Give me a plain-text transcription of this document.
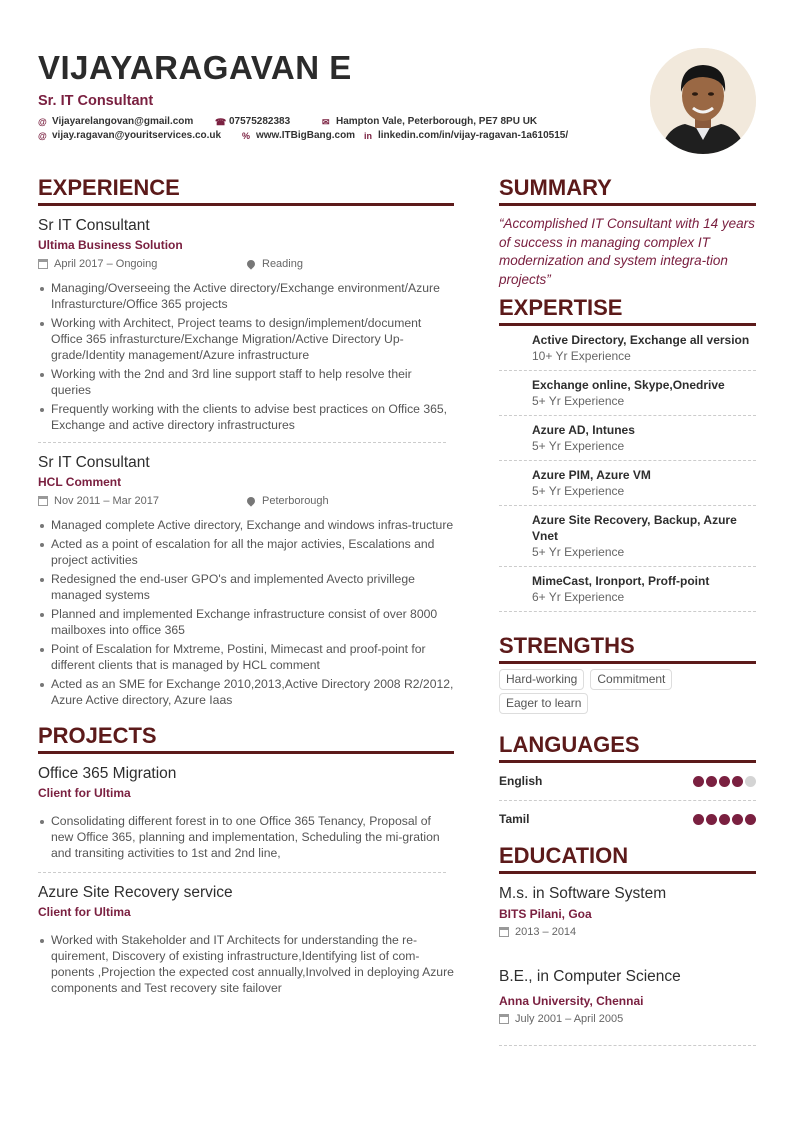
VIJAYARAGAVAN E
Sr. IT Consultant
@ Vijayarelangovan@gmail.com ☎ 07575282383	✉ Hampton Vale, Peterborough, PE7 8PU UK
@ vijay.ragavan@youritservices.co.uk % www.ITBigBang.com in linkedin.com/in/vijay-ragavan-1a610515/
EXPERIENCE
Sr IT Consultant
Ultima Business Solution
April 2017 – Ongoing	Reading
Managing/Overseeing the Active directory/Exchange environment/Azure Infrasturcture/Office 365 projects
Working with Architect, Project teams to design/implement/document Office 365 infrasturcture/Exchange Migration/Active Directory Up-grade/Identity management/Azure infrastructure
Working with the 2nd and 3rd line support staff to help resolve their queries
Frequently working with the clients to advise best practices on Office 365, Exchange and active directory infrastructures
Sr IT Consultant
HCL Comment
Nov 2011 – Mar 2017	Peterborough
Managed complete Active directory, Exchange and windows infras-tructure
Acted as a point of escalation for all the major activies, Escalations and project activities
Redesigned the end-user GPO's and implemented Avecto privillege managed systems
Planned and implemented Exchange infrastructure consist of over 8000 mailboxes into office 365
Point of Escalation for Mxtreme, Postini, Mimecast and proof-point for different clients that is managed by HCL comment
Acted as an SME for Exchange 2010,2013,Active Directory 2008 R2/2012, Azure Active directory, Azure Iaas
PROJECTS
Office 365 Migration
Client for Ultima
Consolidating different forest in to one Office 365 Tenancy, Proposal of new Office 365, planning and implementation, Scheduling the mi-gration and transiting activities to 1st and 2nd line,
Azure Site Recovery service
Client for Ultima
Worked with Stakeholder and IT Architects for understanding the re-quirement, Discovery of existing infrastructure,Identifying list of com-ponents ,Projection the expected cost annually,Involved in deploying Azure components and Test recovery site failover
SUMMARY
“Accomplished IT Consultant with 14 years of success in managing complex IT modernization and system integra-tion projects”
EXPERTISE
Active Directory, Exchange all version
10+ Yr Experience
Exchange online, Skype,Onedrive
5+ Yr Experience
Azure AD, Intunes
5+ Yr Experience
Azure PIM, Azure VM
5+ Yr Experience
Azure Site Recovery, Backup, Azure Vnet
5+ Yr Experience
MimeCast, Ironport, Proff-point
6+ Yr Experience
STRENGTHS
Hard-working	Commitment
Eager to learn
LANGUAGES
English
Tamil
EDUCATION
M.s. in Software System
BITS Pilani, Goa
2013 – 2014
B.E., in Computer Science
Anna University, Chennai
July 2001 – April 2005
